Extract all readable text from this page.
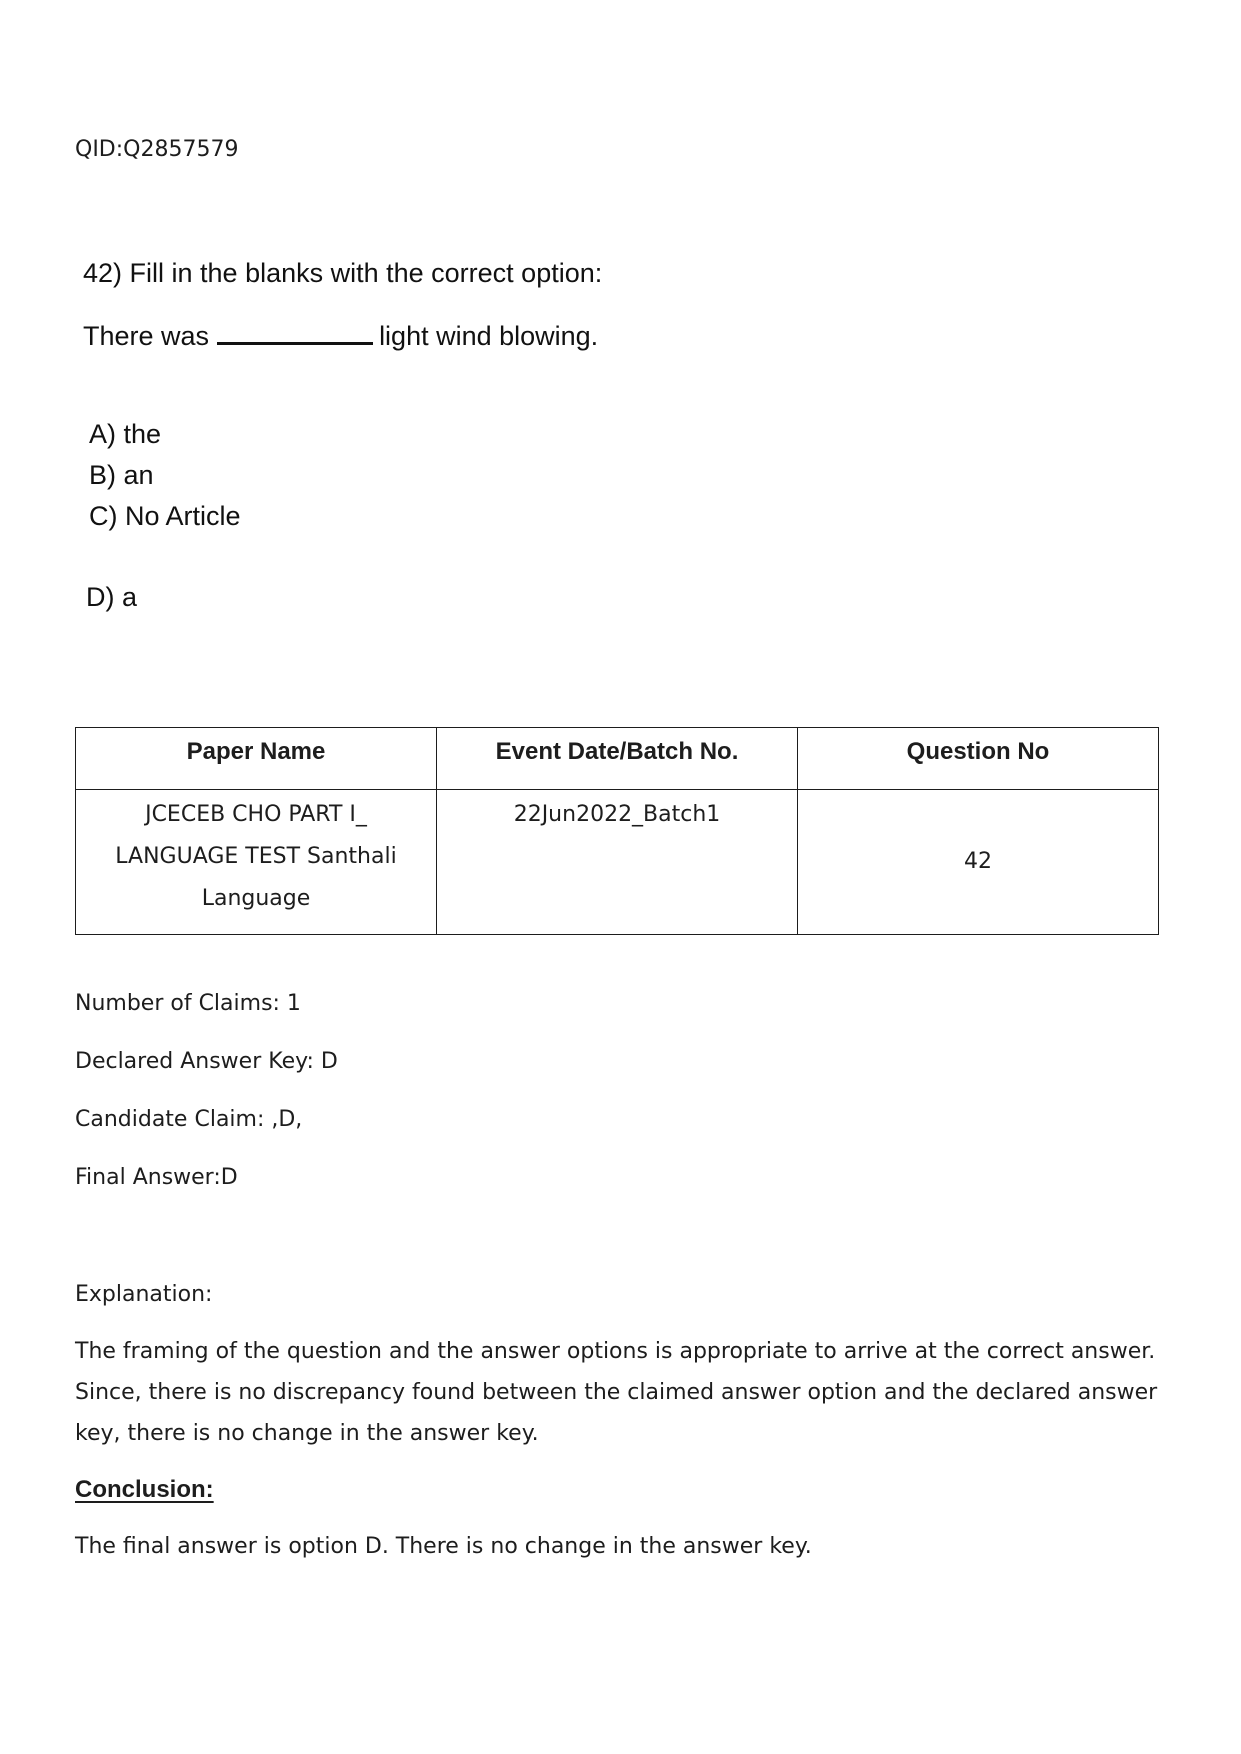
QID:Q2857579
42) Fill in the blanks with the correct option:
There was	light wind blowing.
A) the
B) an
C) No Article
D) a
Paper Name	Event Date/Batch No.	Question No
JCECEB CHO PART I_ LANGUAGE TEST Santhali Language	22Jun2022_Batch1	42
Number of Claims: 1
Declared Answer Key: D
Candidate Claim: ,D,
Final Answer:D
Explanation:
The framing of the question and the answer options is appropriate to arrive at the correct answer. Since, there is no discrepancy found between the claimed answer option and the declared answer key, there is no change in the answer key.
Conclusion:
The final answer is option D. There is no change in the answer key.
